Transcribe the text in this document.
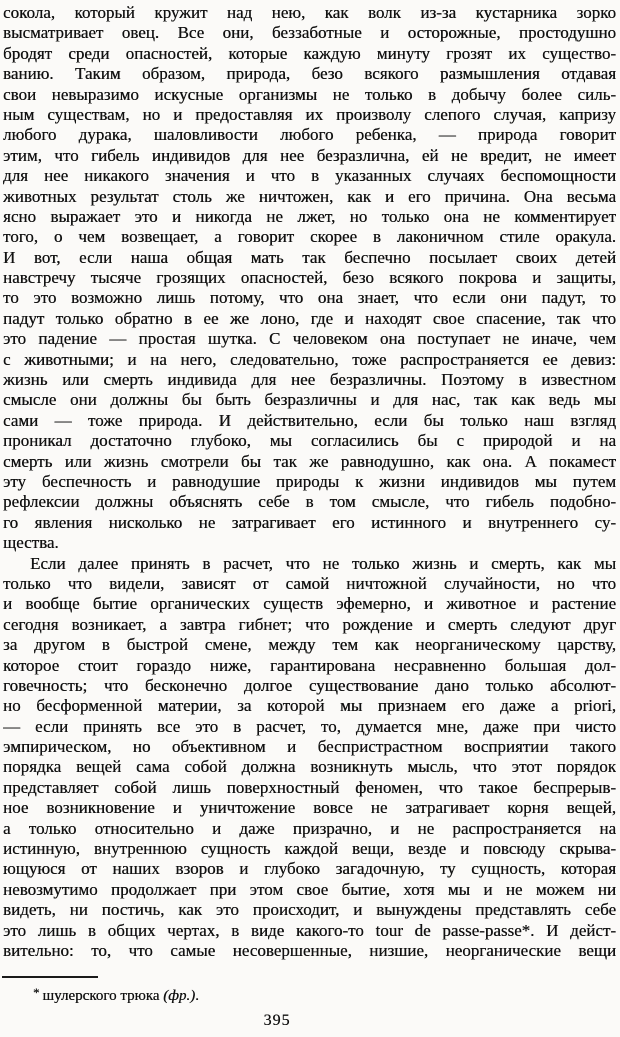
сокола, который кружит над нею, как волк из-за кустарника зорко
высматривает овец. Все они, беззаботные и осторожные, простодушно
бродят среди опасностей, которые каждую минуту грозят их существо-
ванию. Таким образом, природа, безо всякого размышления отдавая
свои невыразимо искусные организмы не только в добычу более силь-
ным существам, но и предоставляя их произволу слепого случая, капризу
любого дурака, шаловливости любого ребенка, — природа говорит
этим, что гибель индивидов для нее безразлична, ей не вредит, не имеет
для нее никакого значения и что в указанных случаях беспомощности
животных результат столь же ничтожен, как и его причина. Она весьма
ясно выражает это и никогда не лжет, но только она не комментирует
того, о чем возвещает, а говорит скорее в лаконичном стиле оракула.
И вот, если наша общая мать так беспечно посылает своих детей
навстречу тысяче грозящих опасностей, безо всякого покрова и защиты,
то это возможно лишь потому, что она знает, что если они падут, то
падут только обратно в ее же лоно, где и находят свое спасение, так что
это падение — простая шутка. С человеком она поступает не иначе, чем
с животными; и на него, следовательно, тоже распространяется ее девиз:
жизнь или смерть индивида для нее безразличны. Поэтому в известном
смысле они должны бы быть безразличны и для нас, так как ведь мы
сами — тоже природа. И действительно, если бы только наш взгляд
проникал достаточно глубоко, мы согласились бы с природой и на
смерть или жизнь смотрели бы так же равнодушно, как она. А покамест
эту беспечность и равнодушие природы к жизни индивидов мы путем
рефлексии должны объяснять себе в том смысле, что гибель подобно-
го явления нисколько не затрагивает его истинного и внутреннего су-
щества.
Если далее принять в расчет, что не только жизнь и смерть, как мы
только что видели, зависят от самой ничтожной случайности, но что
и вообще бытие органических существ эфемерно, и животное и растение
сегодня возникает, а завтра гибнет; что рождение и смерть следуют друг
за другом в быстрой смене, между тем как неорганическому царству,
которое стоит гораздо ниже, гарантирована несравненно большая дол-
говечность; что бесконечно долгое существование дано только абсолют-
но бесформенной материи, за которой мы признаем его даже a priori,
— если принять все это в расчет, то, думается мне, даже при чисто
эмпирическом, но объективном и беспристрастном восприятии такого
порядка вещей сама собой должна возникнуть мысль, что этот порядок
представляет собой лишь поверхностный феномен, что такое беспрерыв-
ное возникновение и уничтожение вовсе не затрагивает корня вещей,
а только относительно и даже призрачно, и не распространяется на
истинную, внутреннюю сущность каждой вещи, везде и повсюду скрыва-
ющуюся от наших взоров и глубоко загадочную, ту сущность, которая
невозмутимо продолжает при этом свое бытие, хотя мы и не можем ни
видеть, ни постичь, как это происходит, и вынуждены представлять себе
это лишь в общих чертах, в виде какого-то tour de passe-passe*. И дейст-
вительно: то, что самые несовершенные, низшие, неорганические вещи
* шулерского трюка (фр.).
395
